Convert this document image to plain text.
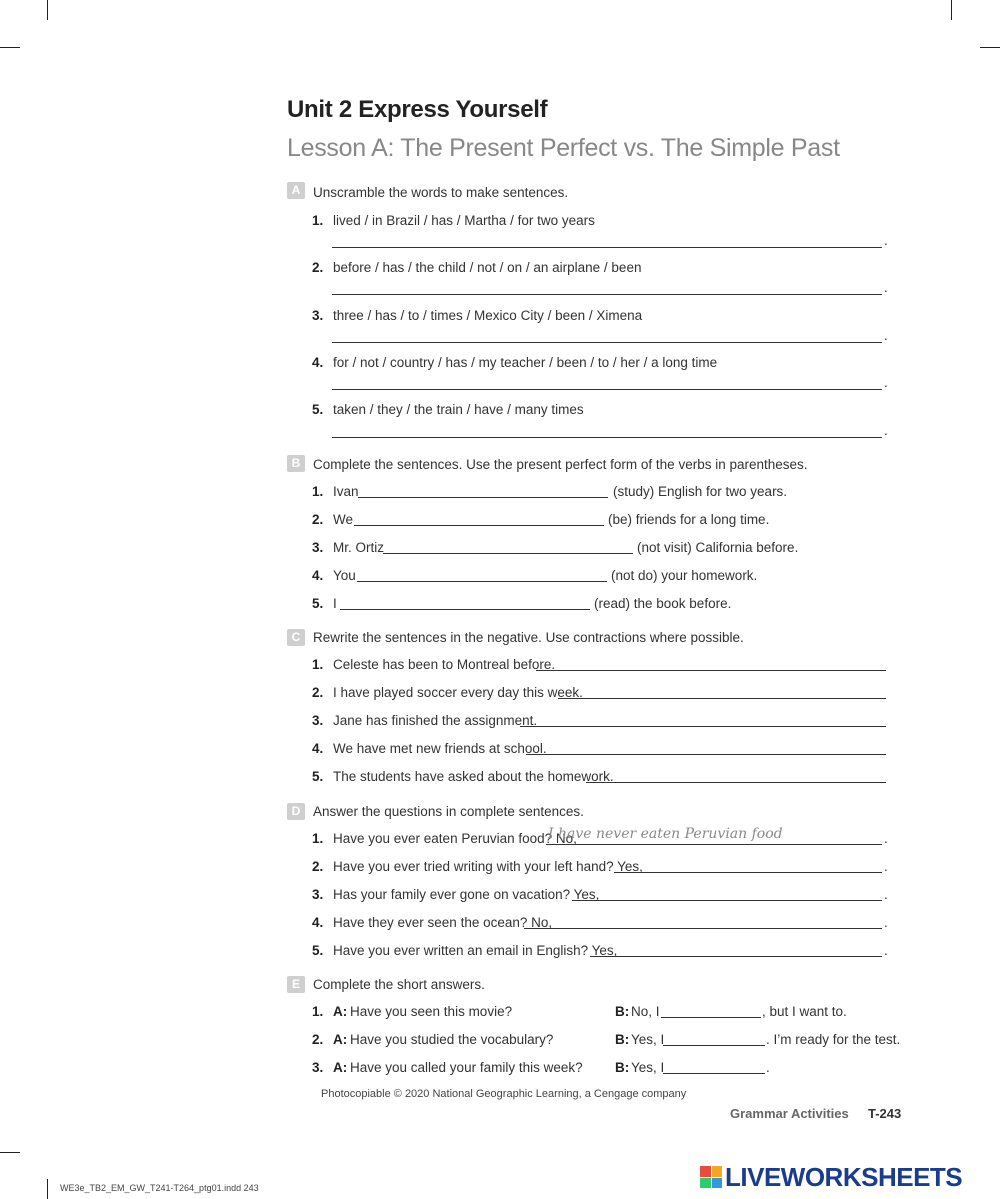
Unit 2 Express Yourself
Lesson A: The Present Perfect vs. The Simple Past
A Unscramble the words to make sentences.
1. lived / in Brazil / has / Martha / for two years
.
2. before / has / the child / not / on / an airplane / been
.
3. three / has / to / times / Mexico City / been / Ximena
.
4. for / not / country / has / my teacher / been / to / her / a long time
.
5. taken / they / the train / have / many times
.
B Complete the sentences. Use the present perfect form of the verbs in parentheses.
1. Ivan	(study) English for two years.
2. We	(be) friends for a long time.
3. Mr. Ortiz	(not visit) California before.
4. You	(not do) your homework.
5. I	(read) the book before.
C Rewrite the sentences in the negative. Use contractions where possible.
1. Celeste has been to Montreal before.
2. I have played soccer every day this week.
3. Jane has finished the assignment.
4. We have met new friends at school.
5. The students have asked about the homework.
D Answer the questions in complete sentences.
1. Have you ever eaten Peruvian food? No,
I have never eaten Peruvian food	.
2. Have you ever tried writing with your left hand? Yes,	.
3. Has your family ever gone on vacation? Yes,	.
4. Have they ever seen the ocean? No,	.
5. Have you ever written an email in English? Yes,	.
E Complete the short answers.
1. A: Have you seen this movie?	B: No, I	, but I want to.
2. A: Have you studied the vocabulary?	B: Yes, I	. I’m ready for the test.
3. A: Have you called your family this week? B: Yes, I	.
Photocopiable © 2020 National Geographic Learning, a Cengage company
Grammar Activities T-243
WE3e_TB2_EM_GW_T241-T264_ptg01.indd 243	LIVEWORKSHEETS
